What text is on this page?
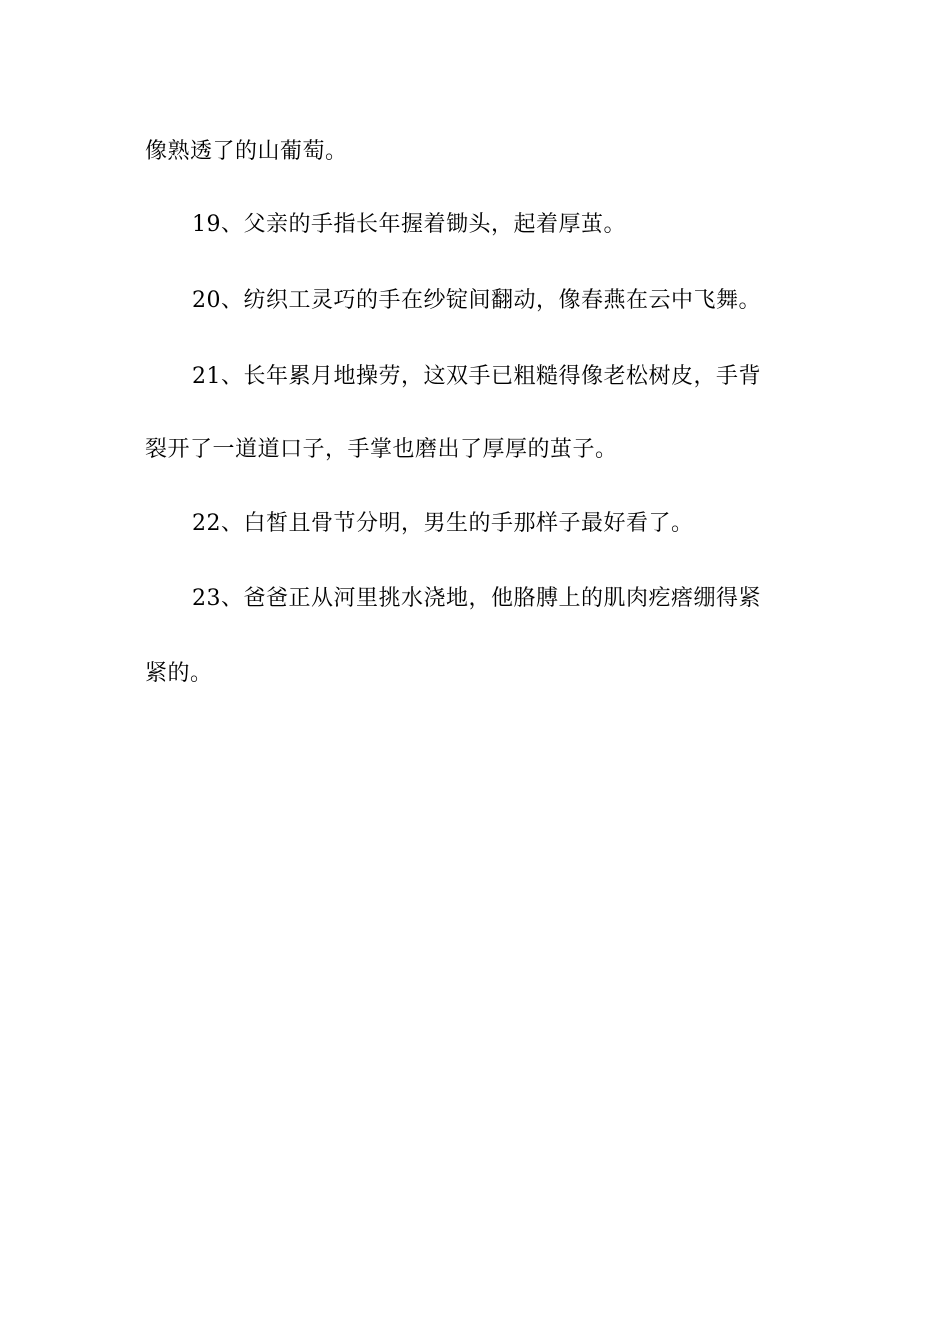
像熟透了的山葡萄。
19、父亲的手指长年握着锄头，起着厚茧。
20、纺织工灵巧的手在纱锭间翻动，像春燕在云中飞舞。
21、长年累月地操劳，这双手已粗糙得像老松树皮，手背
裂开了一道道口子，手掌也磨出了厚厚的茧子。
22、白皙且骨节分明，男生的手那样子最好看了。
23、爸爸正从河里挑水浇地，他胳膊上的肌肉疙瘩绷得紧
紧的。
